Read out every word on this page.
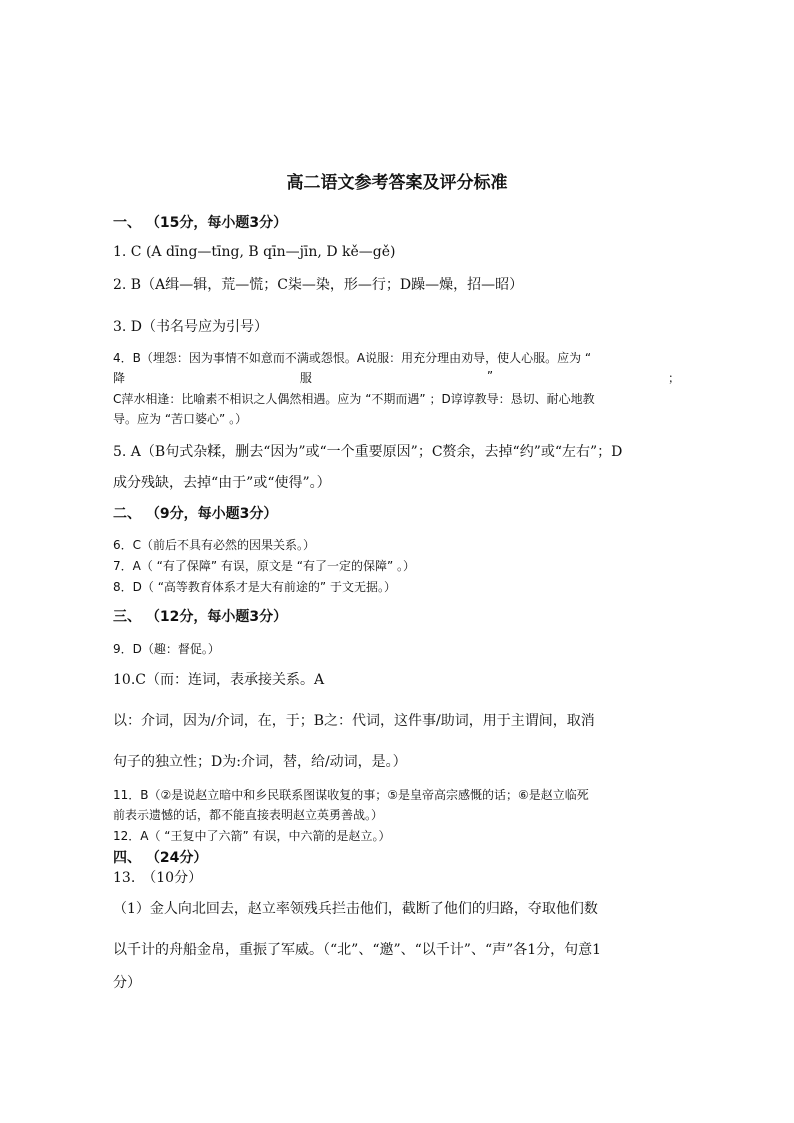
高二语文参考答案及评分标准
一、 （15分，每小题3分）
1. C (A dīng—tīng, B qīn—jīn, D kě—gě)
2. B（A缉—辑，荒—慌；C柒—染，形—行；D躁—燥，招—昭）
3. D（书名号应为引号）
4．B（埋怨：因为事情不如意而不满或怨恨。A说服：用充分理由劝导，使人心服。应为 “
降	服	”	；
C萍水相逢：比喻素不相识之人偶然相遇。应为 “不期而遇” ；D谆谆教导：恳切、耐心地教
导。应为 “苦口婆心” 。）
5. A（B句式杂糅，删去“因为”或“一个重要原因”；C赘余，去掉“约”或“左右”；D
成分残缺，去掉“由于”或“使得”。）
二、 （9分，每小题3分）
6．C（前后不具有必然的因果关系。）
7．A（ “有了保障” 有误，原文是 “有了一定的保障” 。）
8．D（ “高等教育体系才是大有前途的” 于文无据。）
三、 （12分，每小题3分）
9．D（趣：督促。）
10.C（而：连词，表承接关系。A
以：介词，因为/介词，在，于；B之：代词，这件事/助词，用于主谓间，取消
句子的独立性；D为:介词，替，给/动词，是。）
11．B（②是说赵立暗中和乡民联系图谋收复的事；⑤是皇帝高宗感慨的话；⑥是赵立临死
前表示遗憾的话，都不能直接表明赵立英勇善战。）
12．A（ “王复中了六箭” 有误，中六箭的是赵立。）
四、 （24分）
13.　（10分）
（1）金人向北回去，赵立率领残兵拦击他们，截断了他们的归路，夺取他们数
以千计的舟船金帛，重振了军威。（“北”、“邀”、“以千计”、“声”各1分，句意1
分）
